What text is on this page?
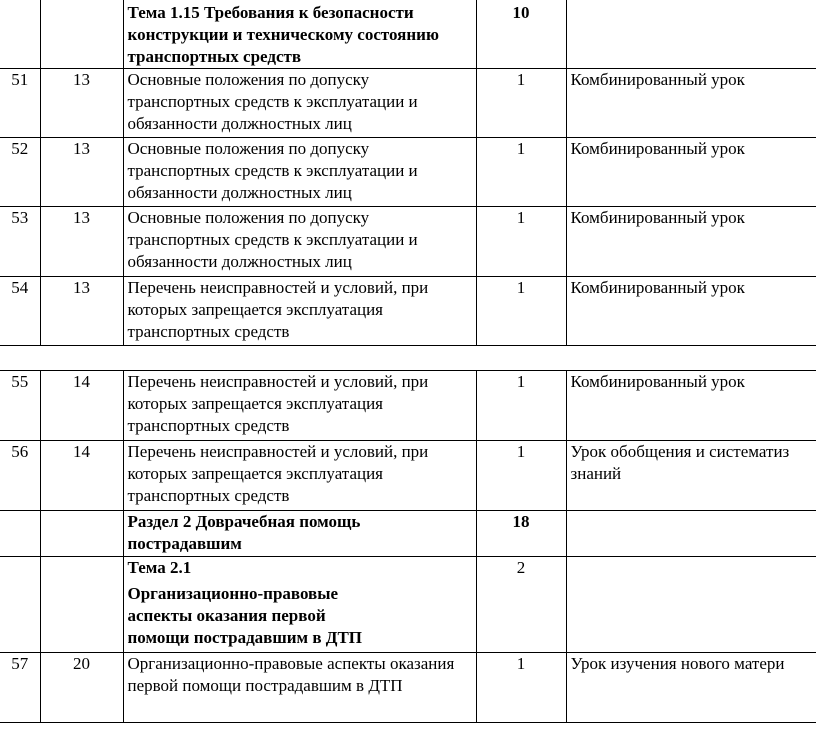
		Тема 1.15 Требования к безопасности конструкции и техническому состоянию транспортных средств	10	
51	13	Основные положения по допуску транспортных средств к эксплуатации и обязанности должностных лиц	1	Комбинированный урок
52	13	Основные положения по допуску транспортных средств к эксплуатации и обязанности должностных лиц	1	Комбинированный урок
53	13	Основные положения по допуску транспортных средств к эксплуатации и обязанности должностных лиц	1	Комбинированный урок
54	13	Перечень неисправностей и условий, при которых запрещается эксплуатация транспортных средств	1	Комбинированный урок
55	14	Перечень неисправностей и условий, при которых запрещается эксплуатация транспортных средств	1	Комбинированный урок
56	14	Перечень неисправностей и условий, при которых запрещается эксплуатация транспортных средств	1	Урок обобщения и систематиз
знаний

		Раздел 2 Доврачебная помощь пострадавшим	18	

		Тема 2.1
Организационно-правовые аспекты оказания первой помощи пострадавшим в ДТП	2	
57	20	Организационно-правовые аспекты оказания первой помощи пострадавшим в ДТП	1	Урок изучения нового матери
